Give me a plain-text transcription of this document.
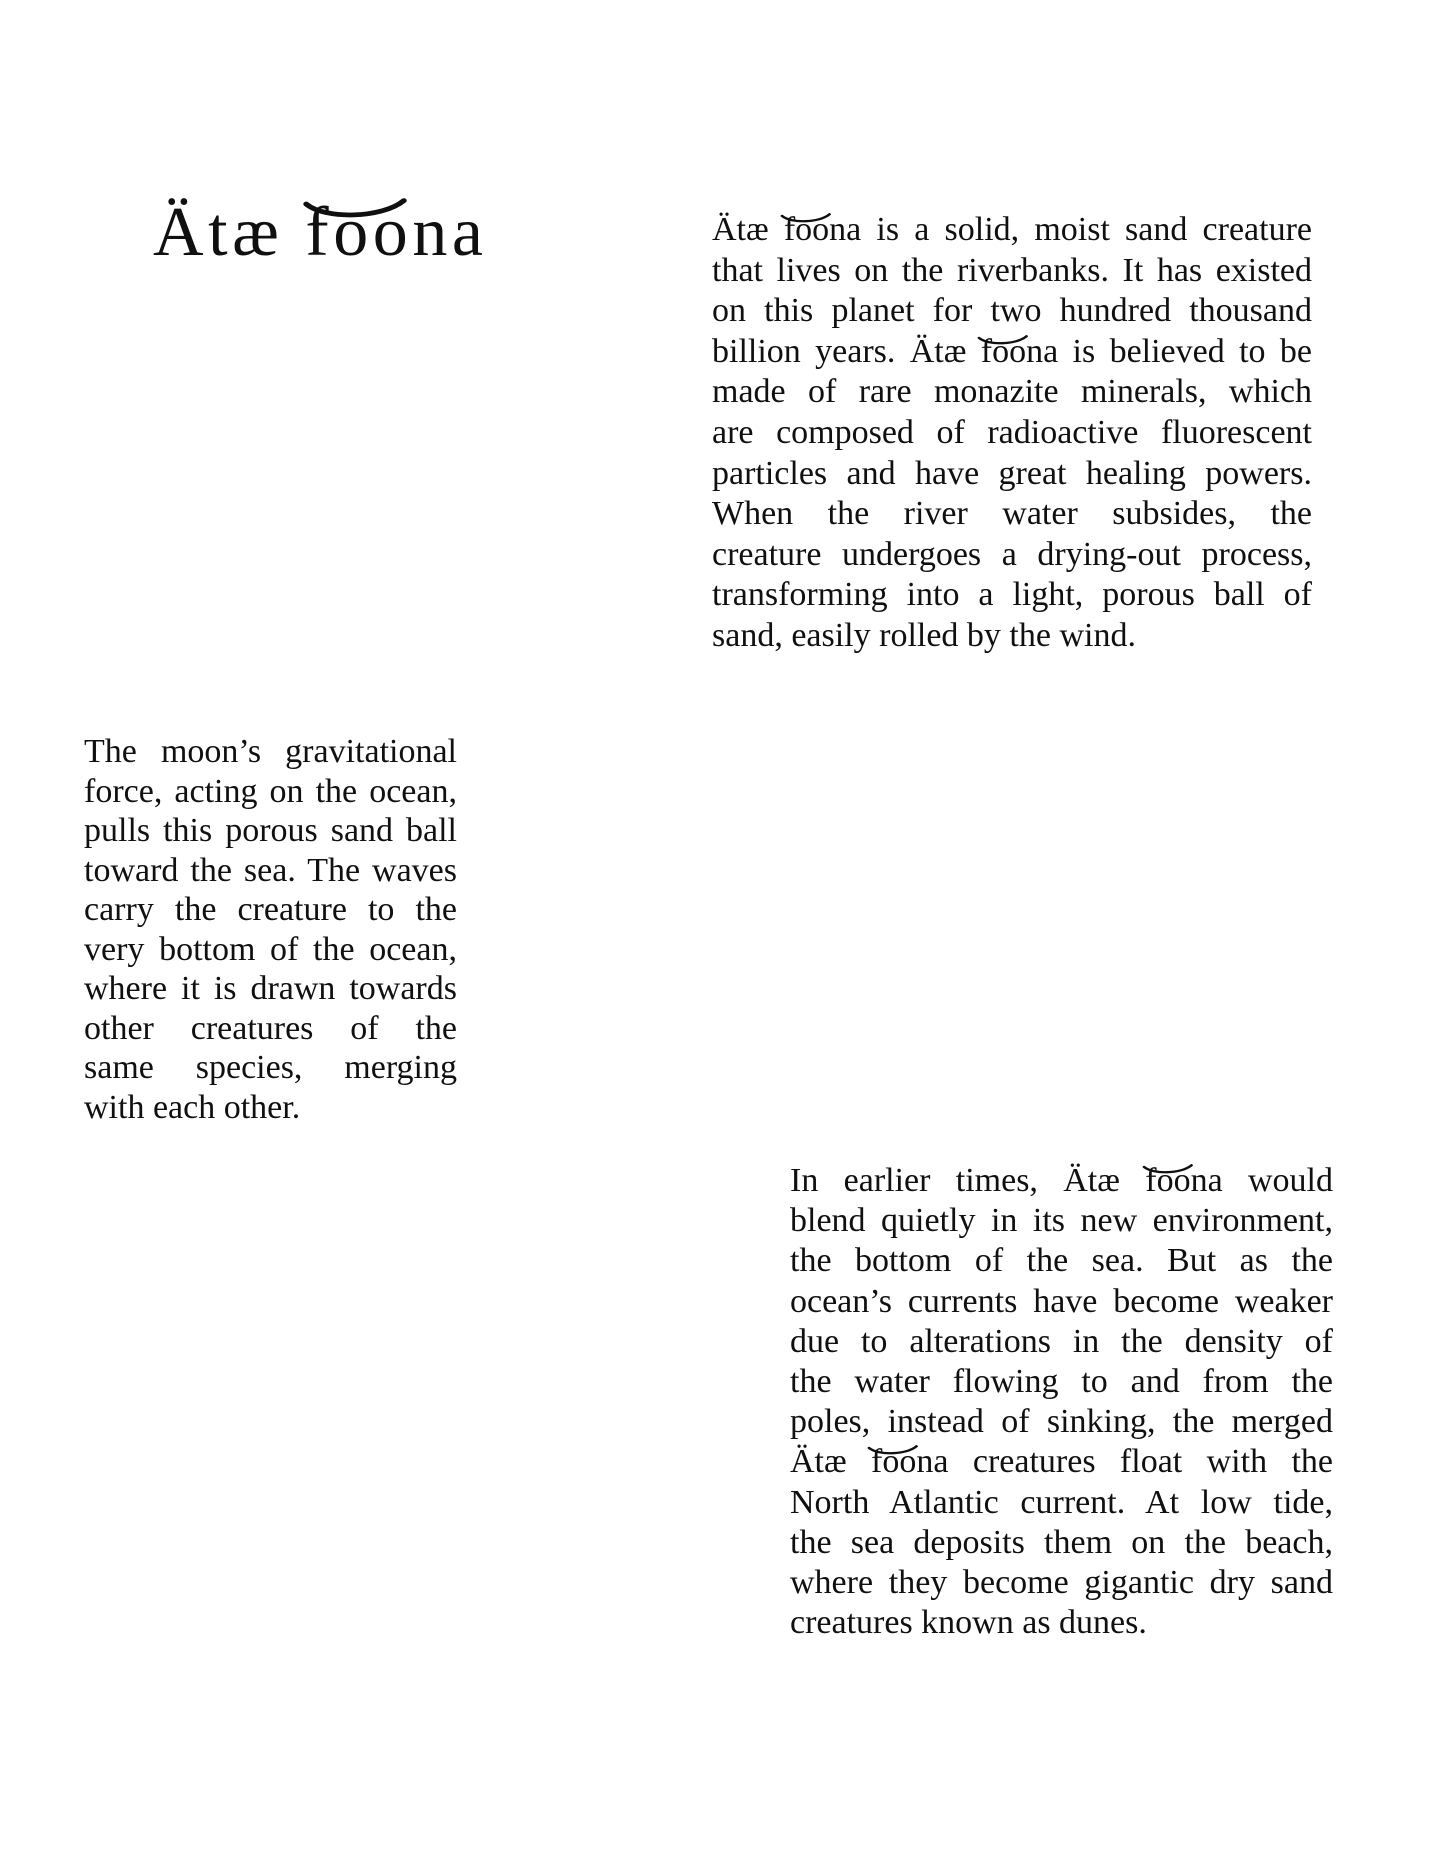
Ätæ f
oona	Ätæ f
oona is a solid, moist sand creature
that lives on the riverbanks. It has existed
on this planet for two hundred thousand
billion years. Ätæ f
oona is believed to be
made of rare monazite minerals, which
are composed of radioactive fluorescent
particles and have great healing powers.
When the river water subsides, the
creature undergoes a drying-out process,
transforming into a light, porous ball of
sand, easily rolled by the wind.
The moon’s gravitational
force, acting on the ocean,
pulls this porous sand ball
toward the sea. The waves
carry the creature to the
very bottom of the ocean,
where it is drawn towards
other creatures of the
same species, merging
with each other.
In earlier times, Ätæ f
oona would
blend quietly in its new environment,
the bottom of the sea. But as the
ocean’s currents have become weaker
due to alterations in the density of
the water flowing to and from the
poles, instead of sinking, the merged
Ätæ f
oona creatures float with the
North Atlantic current. At low tide,
the sea deposits them on the beach,
where they become gigantic dry sand
creatures known as dunes.
